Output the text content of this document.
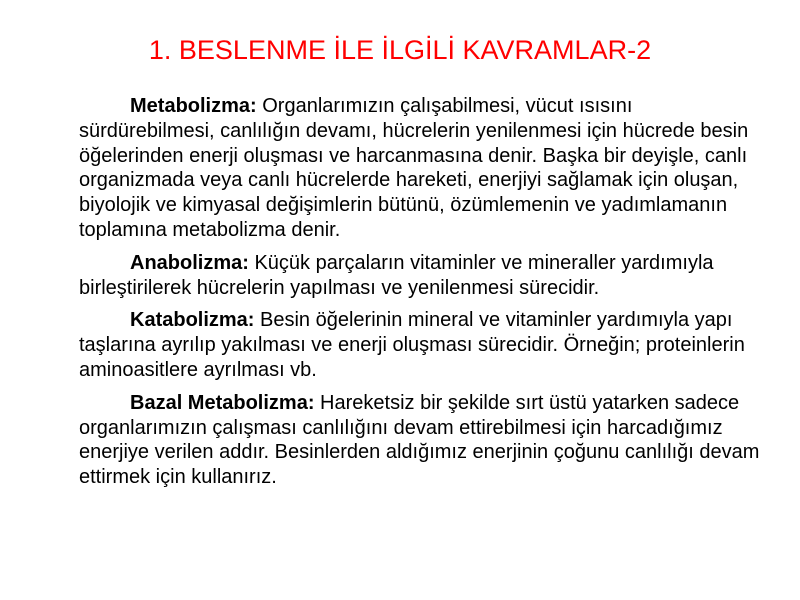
1. BESLENME İLE İLGİLİ KAVRAMLAR-2

Metabolizma: Organlarımızın çalışabilmesi, vücut ısısını sürdürebilmesi, canlılığın devamı, hücrelerin yenilenmesi için hücrede besin öğelerinden enerji oluşması ve harcanmasına denir. Başka bir deyişle, canlı organizmada veya canlı hücrelerde hareketi, enerjiyi sağlamak için oluşan, biyolojik ve kimyasal değişimlerin bütünü, özümlemenin ve yadımlamanın toplamına metabolizma denir.

Anabolizma: Küçük parçaların vitaminler ve mineraller yardımıyla birleştirilerek hücrelerin yapılması ve yenilenmesi sürecidir.

Katabolizma: Besin öğelerinin mineral ve vitaminler yardımıyla yapı taşlarına ayrılıp yakılması ve enerji oluşması sürecidir. Örneğin; proteinlerin aminoasitlere ayrılması vb.

Bazal Metabolizma: Hareketsiz bir şekilde sırt üstü yatarken sadece organlarımızın çalışması canlılığını devam ettirebilmesi için harcadığımız enerjiye verilen addır. Besinlerden aldığımız enerjinin çoğunu canlılığı devam ettirmek için kullanırız.
